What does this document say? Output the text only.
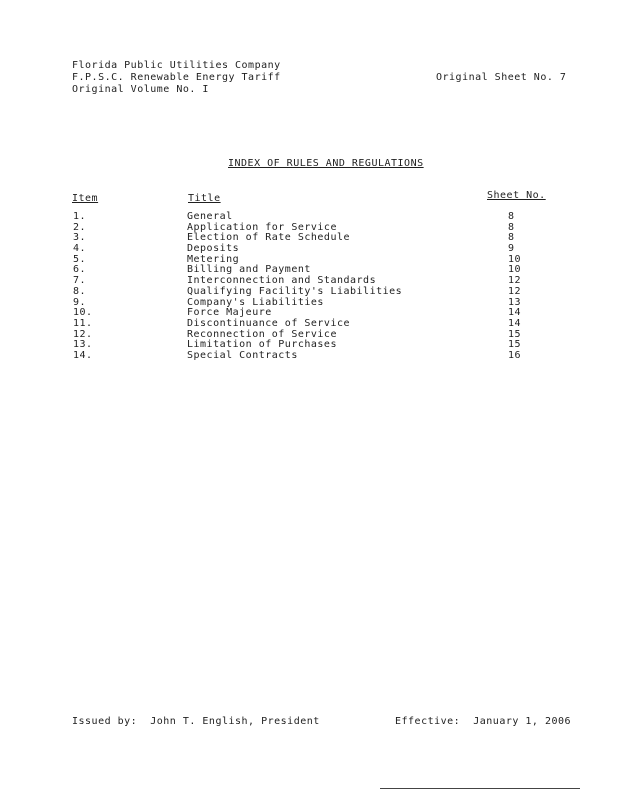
Florida Public Utilities Company
F.P.S.C. Renewable Energy Tariff
Original Volume No. I
Original Sheet No. 7
INDEX OF RULES AND REGULATIONS
Item	Title	Sheet No.
1.	General	8
2.	Application for Service	8
3.	Election of Rate Schedule	8
4.	Deposits	9
5.	Metering	10
6.	Billing and Payment	10
7.	Interconnection and Standards	12
8.	Qualifying Facility's Liabilities	12
9.	Company's Liabilities	13
10.	Force Majeure	14
11.	Discontinuance of Service	14
12.	Reconnection of Service	15
13.	Limitation of Purchases	15
14.	Special Contracts	16
Issued by:  John T. English, President	Effective:  January 1, 2006
